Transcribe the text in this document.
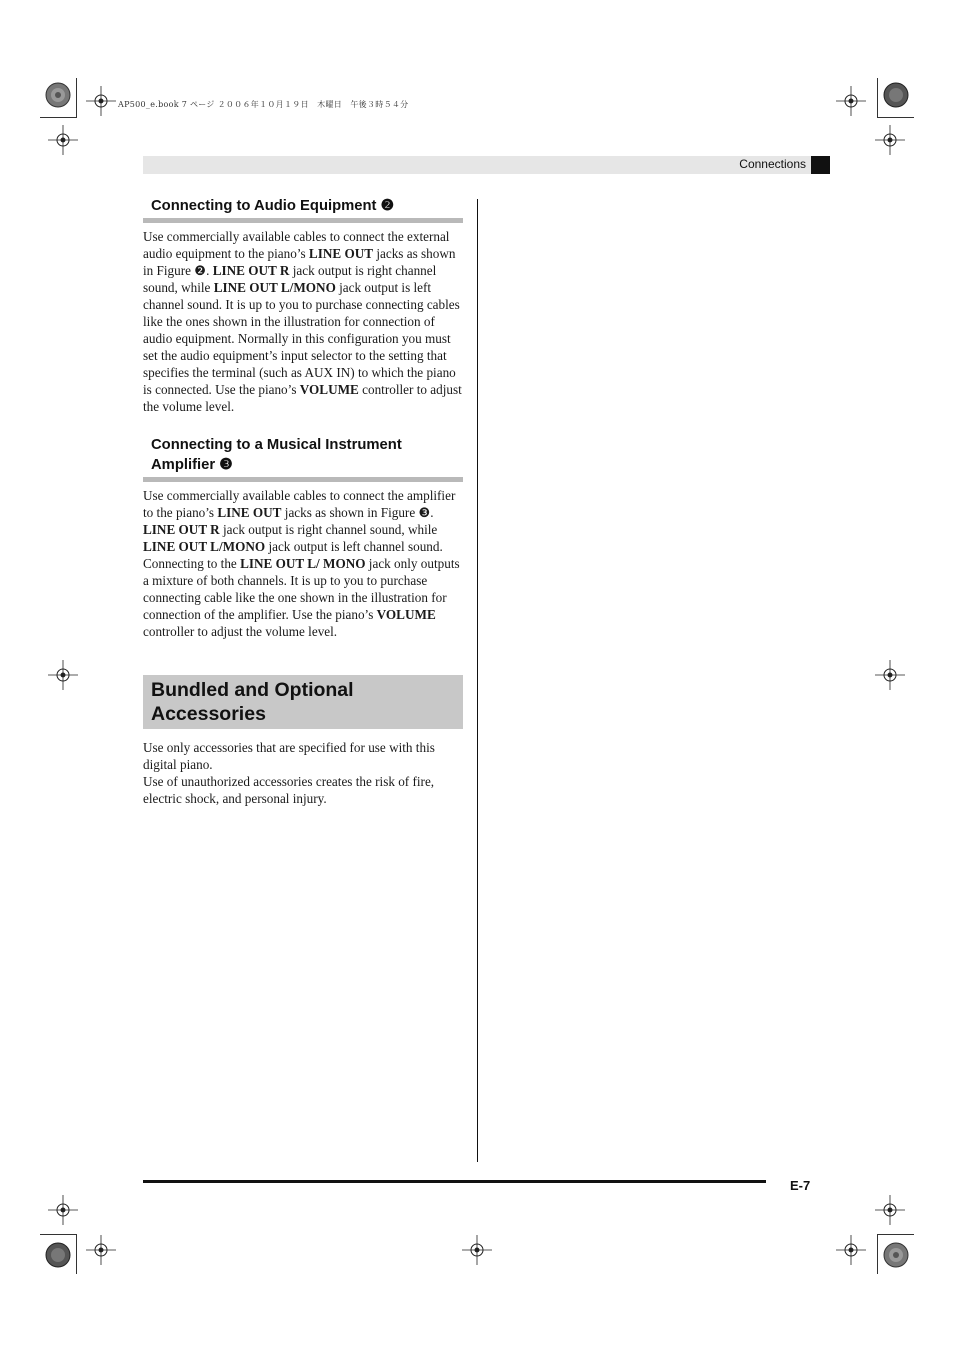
AP500_e.book 7 ページ ２００６年１０月１９日　木曜日　午後３時５４分
Connections
E-7
Connecting to Audio Equipment ❷

Use commercially available cables to connect the external audio equipment to the piano’s LINE OUT jacks as shown in Figure ❷. LINE OUT R jack output is right channel sound, while LINE OUT L/MONO jack output is left channel sound. It is up to you to purchase connecting cables like the ones shown in the illustration for connection of audio equipment. Normally in this configuration you must set the audio equipment’s input selector to the setting that specifies the terminal (such as AUX IN) to which the piano is connected. Use the piano’s VOLUME controller to adjust the volume level.

Connecting to a Musical Instrument
Amplifier ❸

Use commercially available cables to connect the amplifier to the piano’s LINE OUT jacks as shown in Figure ❸. LINE OUT R jack output is right channel sound, while LINE OUT L/MONO jack output is left channel sound. Connecting to the LINE OUT L/ MONO jack only outputs a mixture of both channels. It is up to you to purchase connecting cable like the one shown in the illustration for connection of the amplifier. Use the piano’s VOLUME controller to adjust the volume level.

Bundled and Optional
Accessories

Use only accessories that are specified for use with this digital piano.

Use of unauthorized accessories creates the risk of fire, electric shock, and personal injury.
